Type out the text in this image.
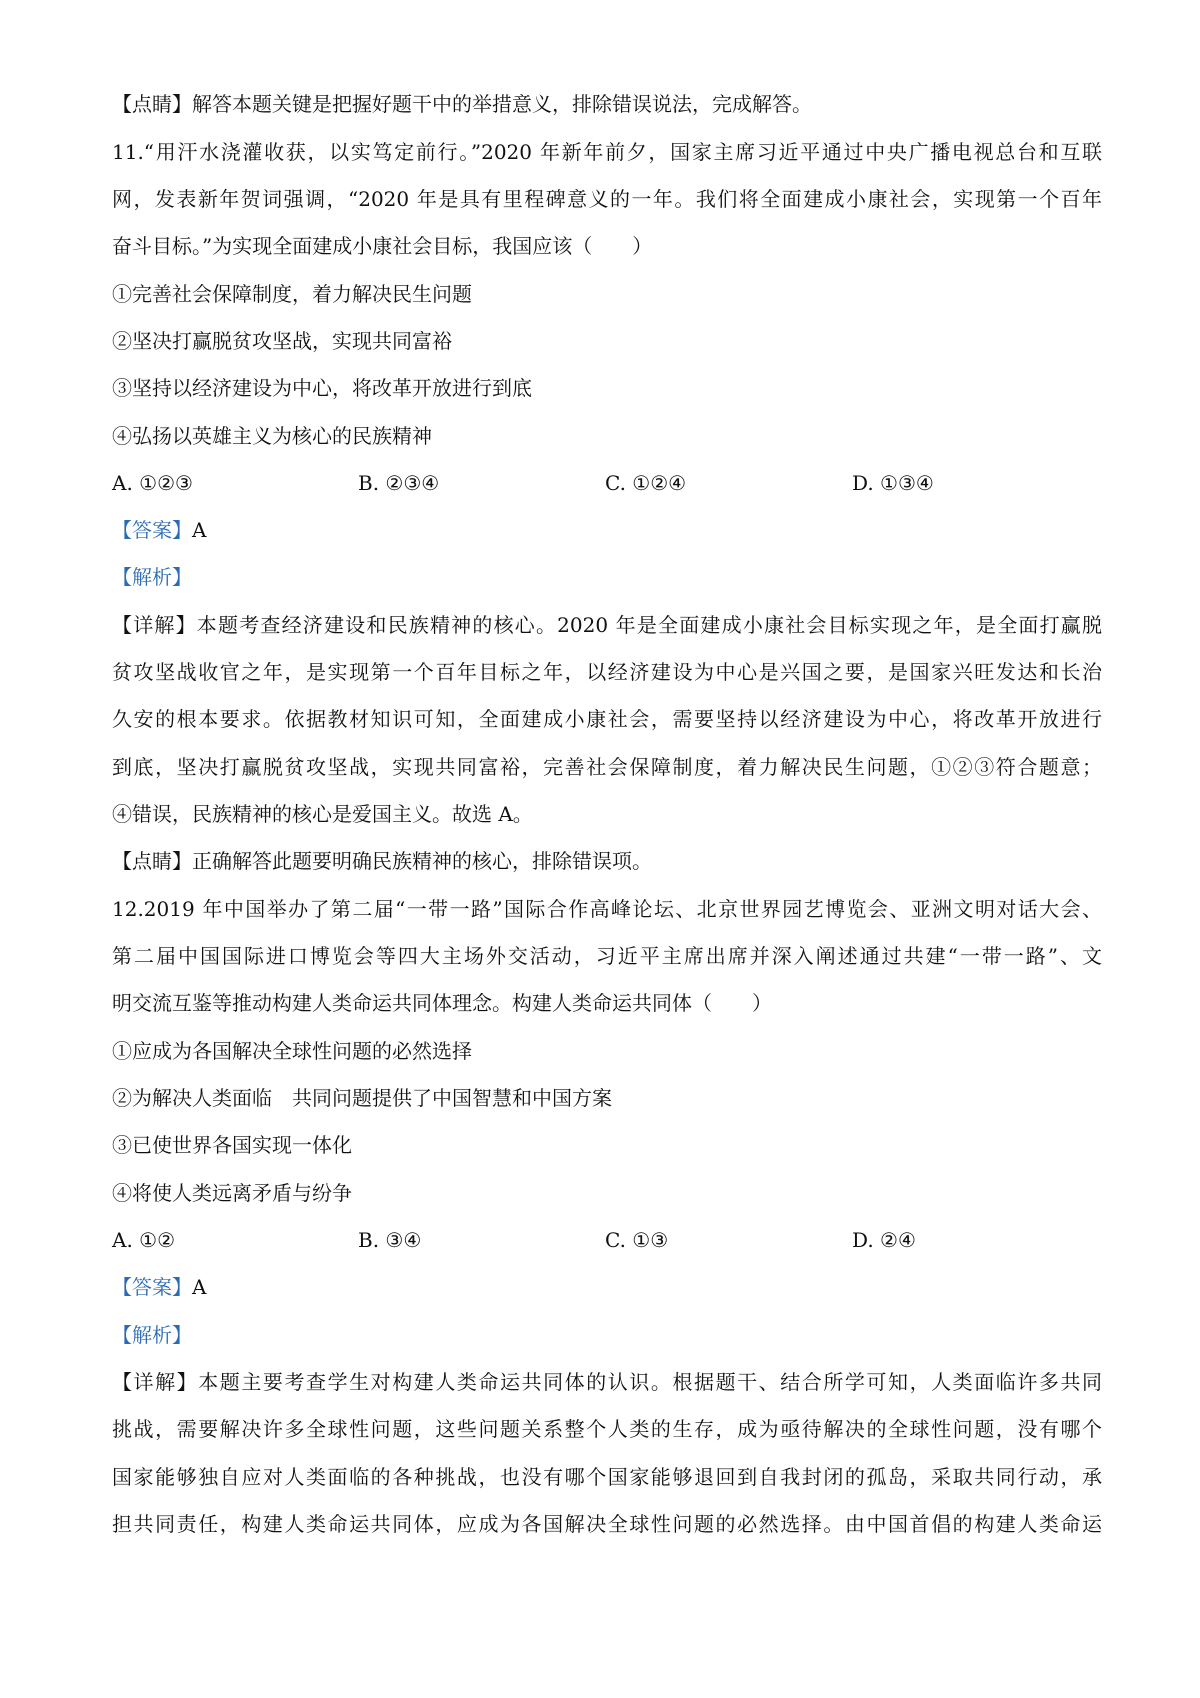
【点睛】解答本题关键是把握好题干中的举措意义，排除错误说法，完成解答。
11.“用汗水浇灌收获，以实笃定前行。”2020 年新年前夕，国家主席习近平通过中央广播电视总台和互联
网，发表新年贺词强调，“2020 年是具有里程碑意义的一年。我们将全面建成小康社会，实现第一个百年
奋斗目标。”为实现全面建成小康社会目标，我国应该（　　）
①完善社会保障制度，着力解决民生问题
②坚决打赢脱贫攻坚战，实现共同富裕
③坚持以经济建设为中心，将改革开放进行到底
④弘扬以英雄主义为核心的民族精神
A. ①②③	B. ②③④	C. ①②④	D. ①③④
【答案】A
【解析】
【详解】本题考查经济建设和民族精神的核心。2020 年是全面建成小康社会目标实现之年，是全面打赢脱
贫攻坚战收官之年，是实现第一个百年目标之年，以经济建设为中心是兴国之要，是国家兴旺发达和长治
久安的根本要求。依据教材知识可知，全面建成小康社会，需要坚持以经济建设为中心，将改革开放进行
到底，坚决打赢脱贫攻坚战，实现共同富裕，完善社会保障制度，着力解决民生问题，①②③符合题意；
④错误，民族精神的核心是爱国主义。故选 A。
【点睛】正确解答此题要明确民族精神的核心，排除错误项。
12.2019 年中国举办了第二届“一带一路”国际合作高峰论坛、北京世界园艺博览会、亚洲文明对话大会、
第二届中国国际进口博览会等四大主场外交活动，习近平主席出席并深入阐述通过共建“一带一路”、文
明交流互鉴等推动构建人类命运共同体理念。构建人类命运共同体（　　）
①应成为各国解决全球性问题的必然选择
②为解决人类面临　共同问题提供了中国智慧和中国方案
③已使世界各国实现一体化
④将使人类远离矛盾与纷争
A. ①②	B. ③④	C. ①③	D. ②④
【答案】A
【解析】
【详解】本题主要考查学生对构建人类命运共同体的认识。根据题干、结合所学可知，人类面临许多共同
挑战，需要解决许多全球性问题，这些问题关系整个人类的生存，成为亟待解决的全球性问题，没有哪个
国家能够独自应对人类面临的各种挑战，也没有哪个国家能够退回到自我封闭的孤岛，采取共同行动，承
担共同责任，构建人类命运共同体，应成为各国解决全球性问题的必然选择。由中国首倡的构建人类命运
